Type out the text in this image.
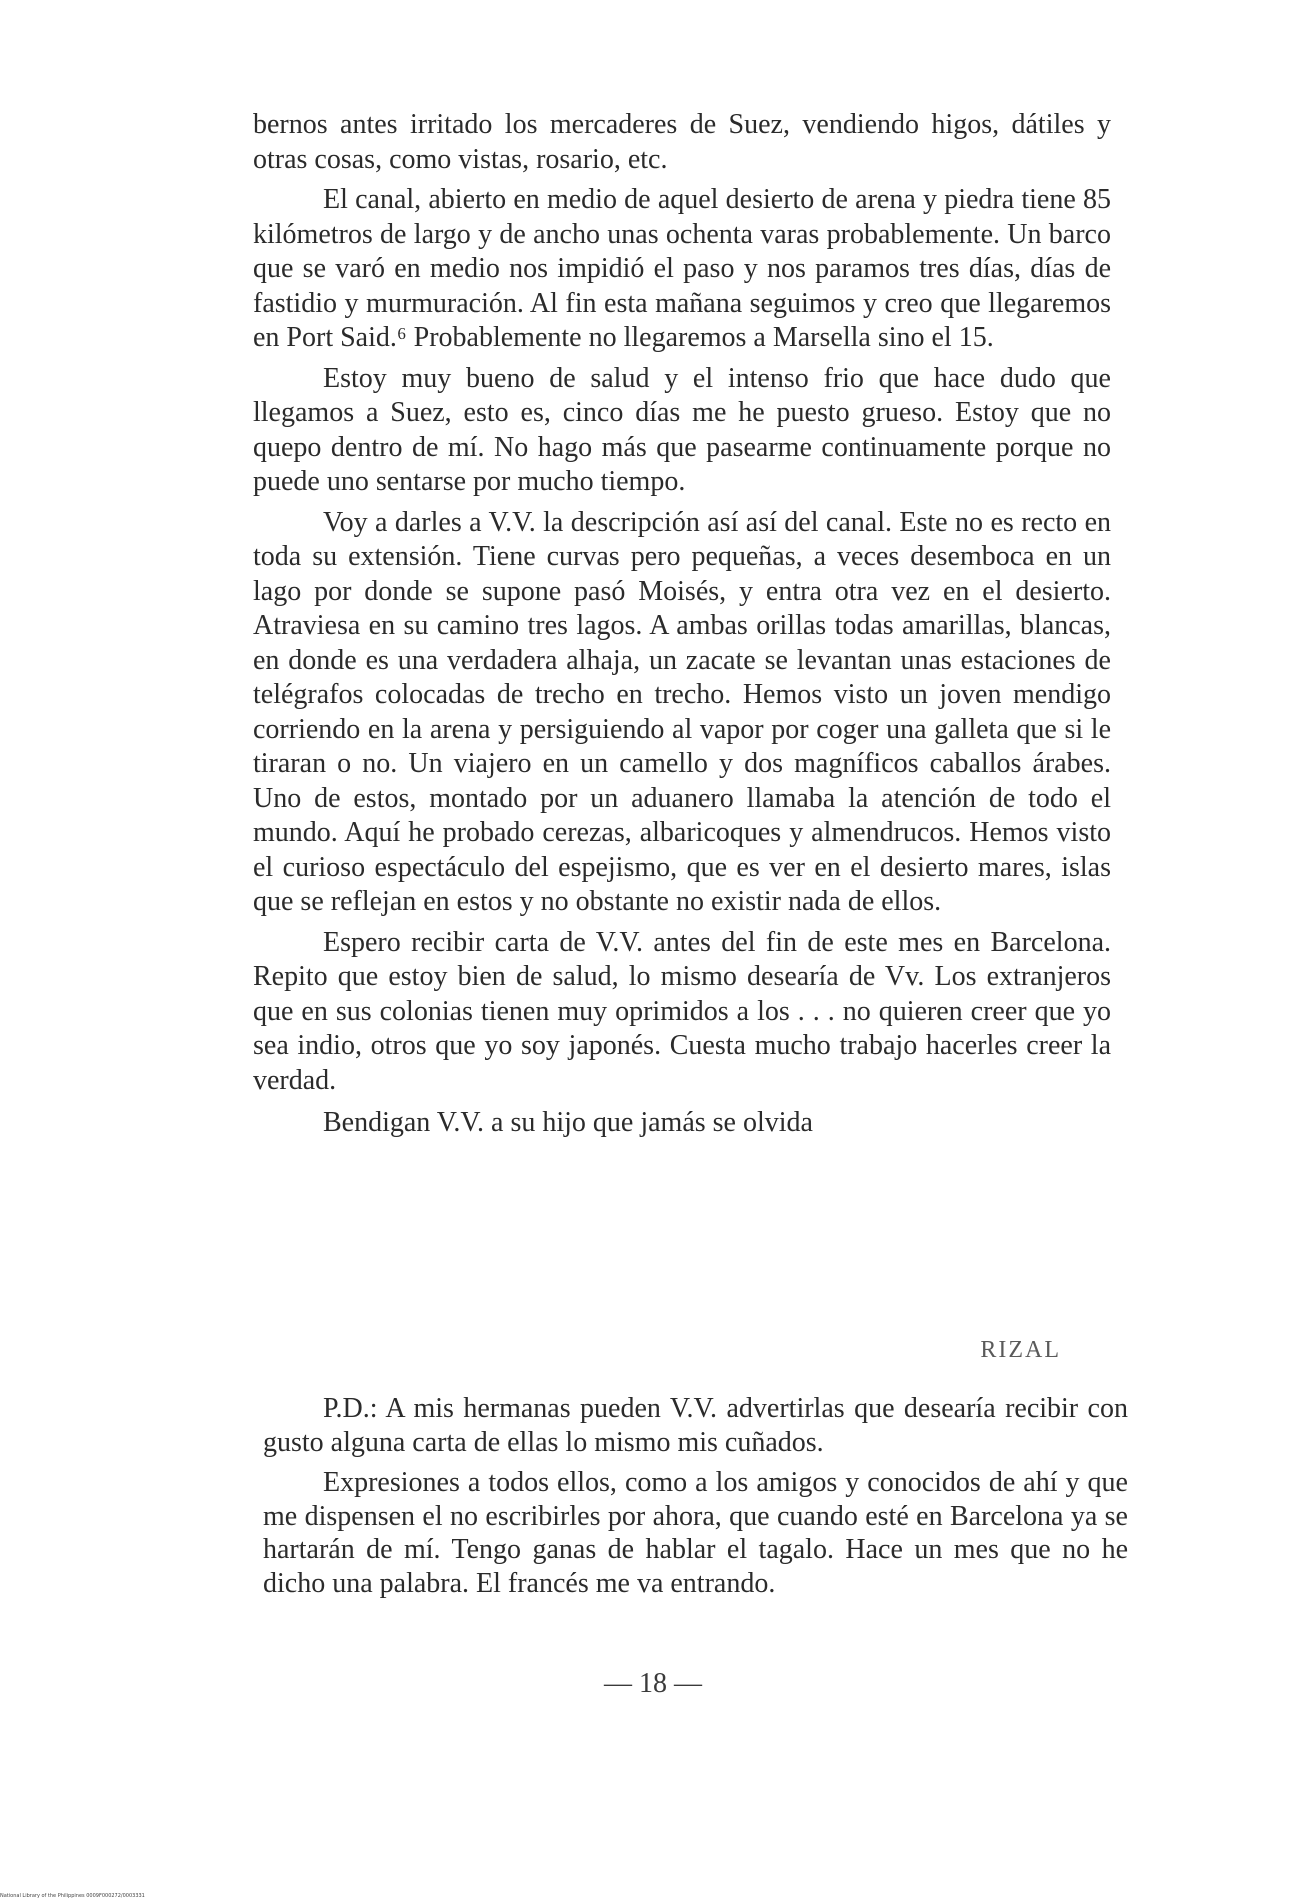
bernos antes irritado los mercaderes de Suez, vendiendo higos, dátiles y otras cosas, como vistas, rosario, etc.

El canal, abierto en medio de aquel desierto de arena y piedra tiene 85 kilómetros de largo y de ancho unas ochenta varas probablemente. Un barco que se varó en medio nos impidió el paso y nos paramos tres días, días de fastidio y murmuración. Al fin esta mañana seguimos y creo que llegaremos en Port Said.⁶ Probablemente no llegaremos a Marsella sino el 15.

Estoy muy bueno de salud y el intenso frio que hace dudo que llegamos a Suez, esto es, cinco días me he puesto grueso. Estoy que no quepo dentro de mí. No hago más que pasearme continuamente porque no puede uno sentarse por mucho tiempo.

Voy a darles a V.V. la descripción así así del canal. Este no es recto en toda su extensión. Tiene curvas pero pequeñas, a veces desemboca en un lago por donde se supone pasó Moisés, y entra otra vez en el desierto. Atraviesa en su camino tres lagos. A ambas orillas todas amarillas, blancas, en donde es una verdadera alhaja, un zacate se levantan unas estaciones de telégrafos colocadas de trecho en trecho. Hemos visto un joven mendigo corriendo en la arena y persiguiendo al vapor por coger una galleta que si le tiraran o no. Un viajero en un camello y dos magníficos caballos árabes. Uno de estos, montado por un aduanero llamaba la atención de todo el mundo. Aquí he probado cerezas, albaricoques y almendrucos. Hemos visto el curioso espectáculo del espejismo, que es ver en el desierto mares, islas que se reflejan en estos y no obstante no existir nada de ellos.

Espero recibir carta de V.V. antes del fin de este mes en Barcelona. Repito que estoy bien de salud, lo mismo desearía de Vv. Los extranjeros que en sus colonias tienen muy oprimidos a los . . . no quieren creer que yo sea indio, otros que yo soy japonés. Cuesta mucho trabajo hacerles creer la verdad.

Bendigan V.V. a su hijo que jamás se olvida

RIZAL

P.D.: A mis hermanas pueden V.V. advertirlas que desearía recibir con gusto alguna carta de ellas lo mismo mis cuñados.

Expresiones a todos ellos, como a los amigos y conocidos de ahí y que me dispensen el no escribirles por ahora, que cuando esté en Barcelona ya se hartarán de mí. Tengo ganas de hablar el tagalo. Hace un mes que no he dicho una palabra. El francés me va entrando.

— 18 —
National Library of the Philippines 0009F000272/0003331
